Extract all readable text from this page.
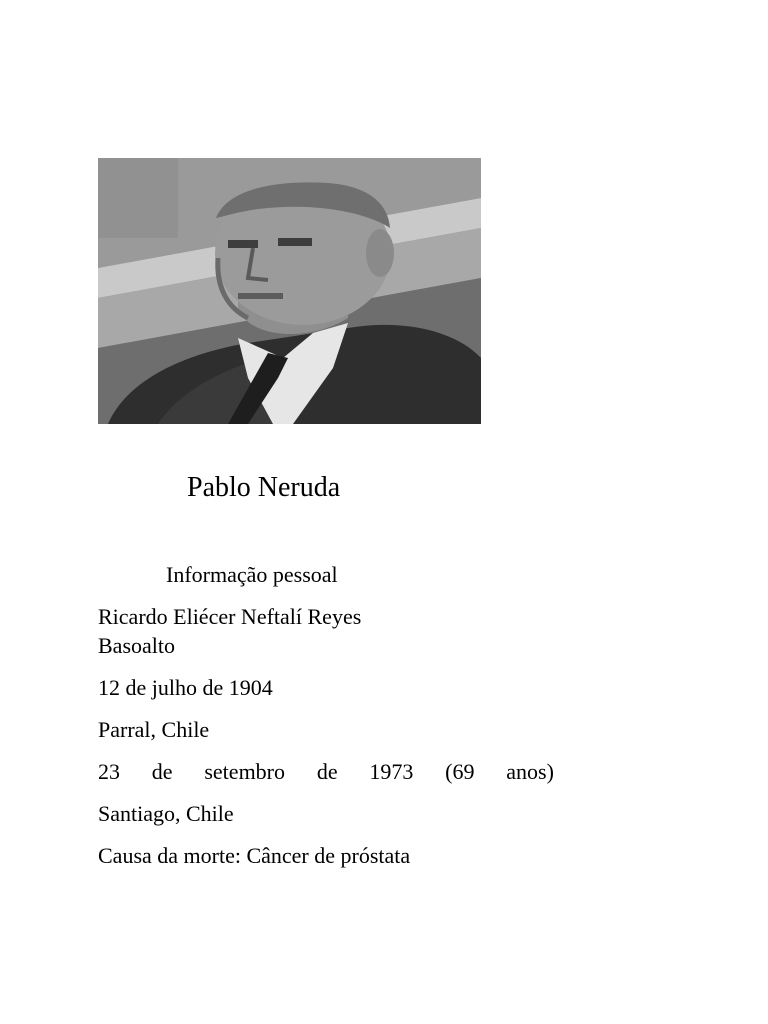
Pablo Neruda
Informação pessoal
Ricardo Eliécer Neftalí Reyes
Basoalto
12 de julho de 1904
Parral, Chile
23 de setembro de 1973 (69 anos)
Santiago, Chile
Causa da morte: Câncer de próstata
